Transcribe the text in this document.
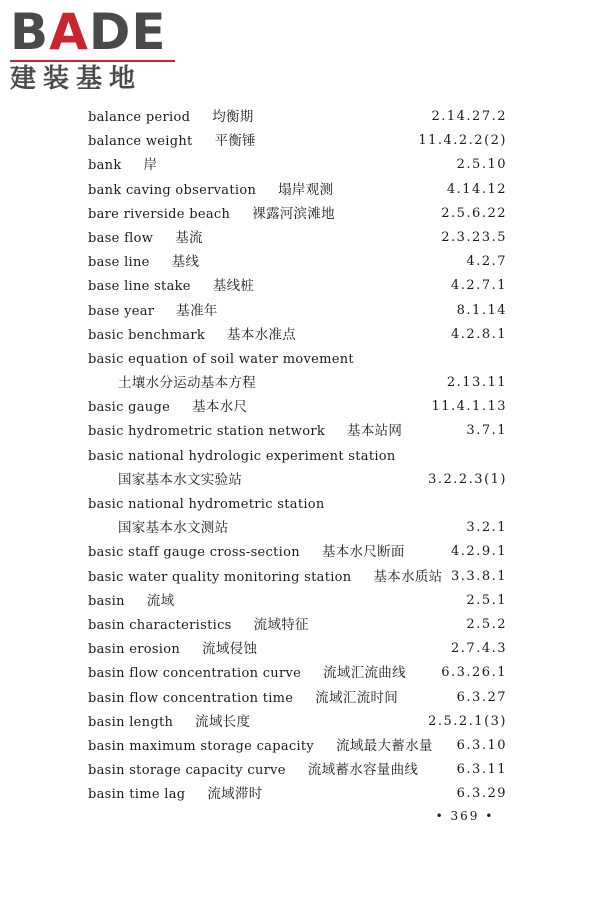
BADE
建装基地
balance period 均衡期	2.14.27.2
balance weight 平衡锤	11.4.2.2(2)
bank 岸	2.5.10
bank caving observation 塌岸观测	4.14.12
bare riverside beach 裸露河滨滩地	2.5.6.22
base flow 基流	2.3.23.5
base line 基线	4.2.7
base line stake 基线桩	4.2.7.1
base year 基准年	8.1.14
basic benchmark 基本水准点	4.2.8.1
basic equation of soil water movement
土壤水分运动基本方程	2.13.11
basic gauge 基本水尺	11.4.1.13
basic hydrometric station network 基本站网	3.7.1
basic national hydrologic experiment station
国家基本水文实验站	3.2.2.3(1)
basic national hydrometric station
国家基本水文测站	3.2.1
basic staff gauge cross-section 基本水尺断面	4.2.9.1
basic water quality monitoring station 基本水质站 3.3.8.1
basin 流域	2.5.1
basin characteristics 流域特征	2.5.2
basin erosion 流域侵蚀	2.7.4.3
basin flow concentration curve 流域汇流曲线	6.3.26.1
basin flow concentration time 流域汇流时间	6.3.27
basin length 流域长度	2.5.2.1(3)
basin maximum storage capacity 流域最大蓄水量 6.3.10
basin storage capacity curve 流域蓄水容量曲线	6.3.11
basin time lag 流域滞时	6.3.29
• 369 •
